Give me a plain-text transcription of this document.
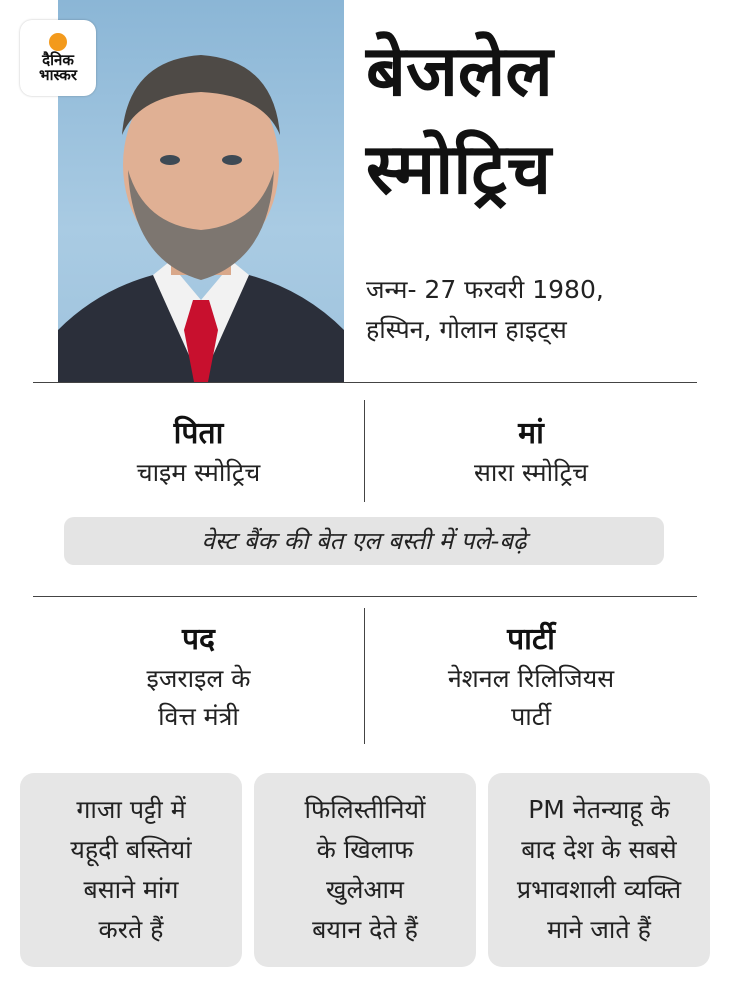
दैनिक
भास्कर	बेजलेल
स्मोट्रिच
जन्म- 27 फरवरी 1980,
हस्पिन, गोलान हाइट्स
पिता
चाइम स्मोट्रिच
मां
सारा स्मोट्रिच
वेस्ट बैंक की बेत एल बस्ती में पले-बढ़े
पद
इजराइल के
वित्त मंत्री
पार्टी
नेशनल रिलिजियस
पार्टी
गाजा पट्टी में
यहूदी बस्तियां
बसाने मांग
करते हैं
फिलिस्तीनियों
के खिलाफ
खुलेआम
बयान देते हैं
PM नेतन्याहू के
बाद देश के सबसे
प्रभावशाली व्यक्ति
माने जाते हैं
